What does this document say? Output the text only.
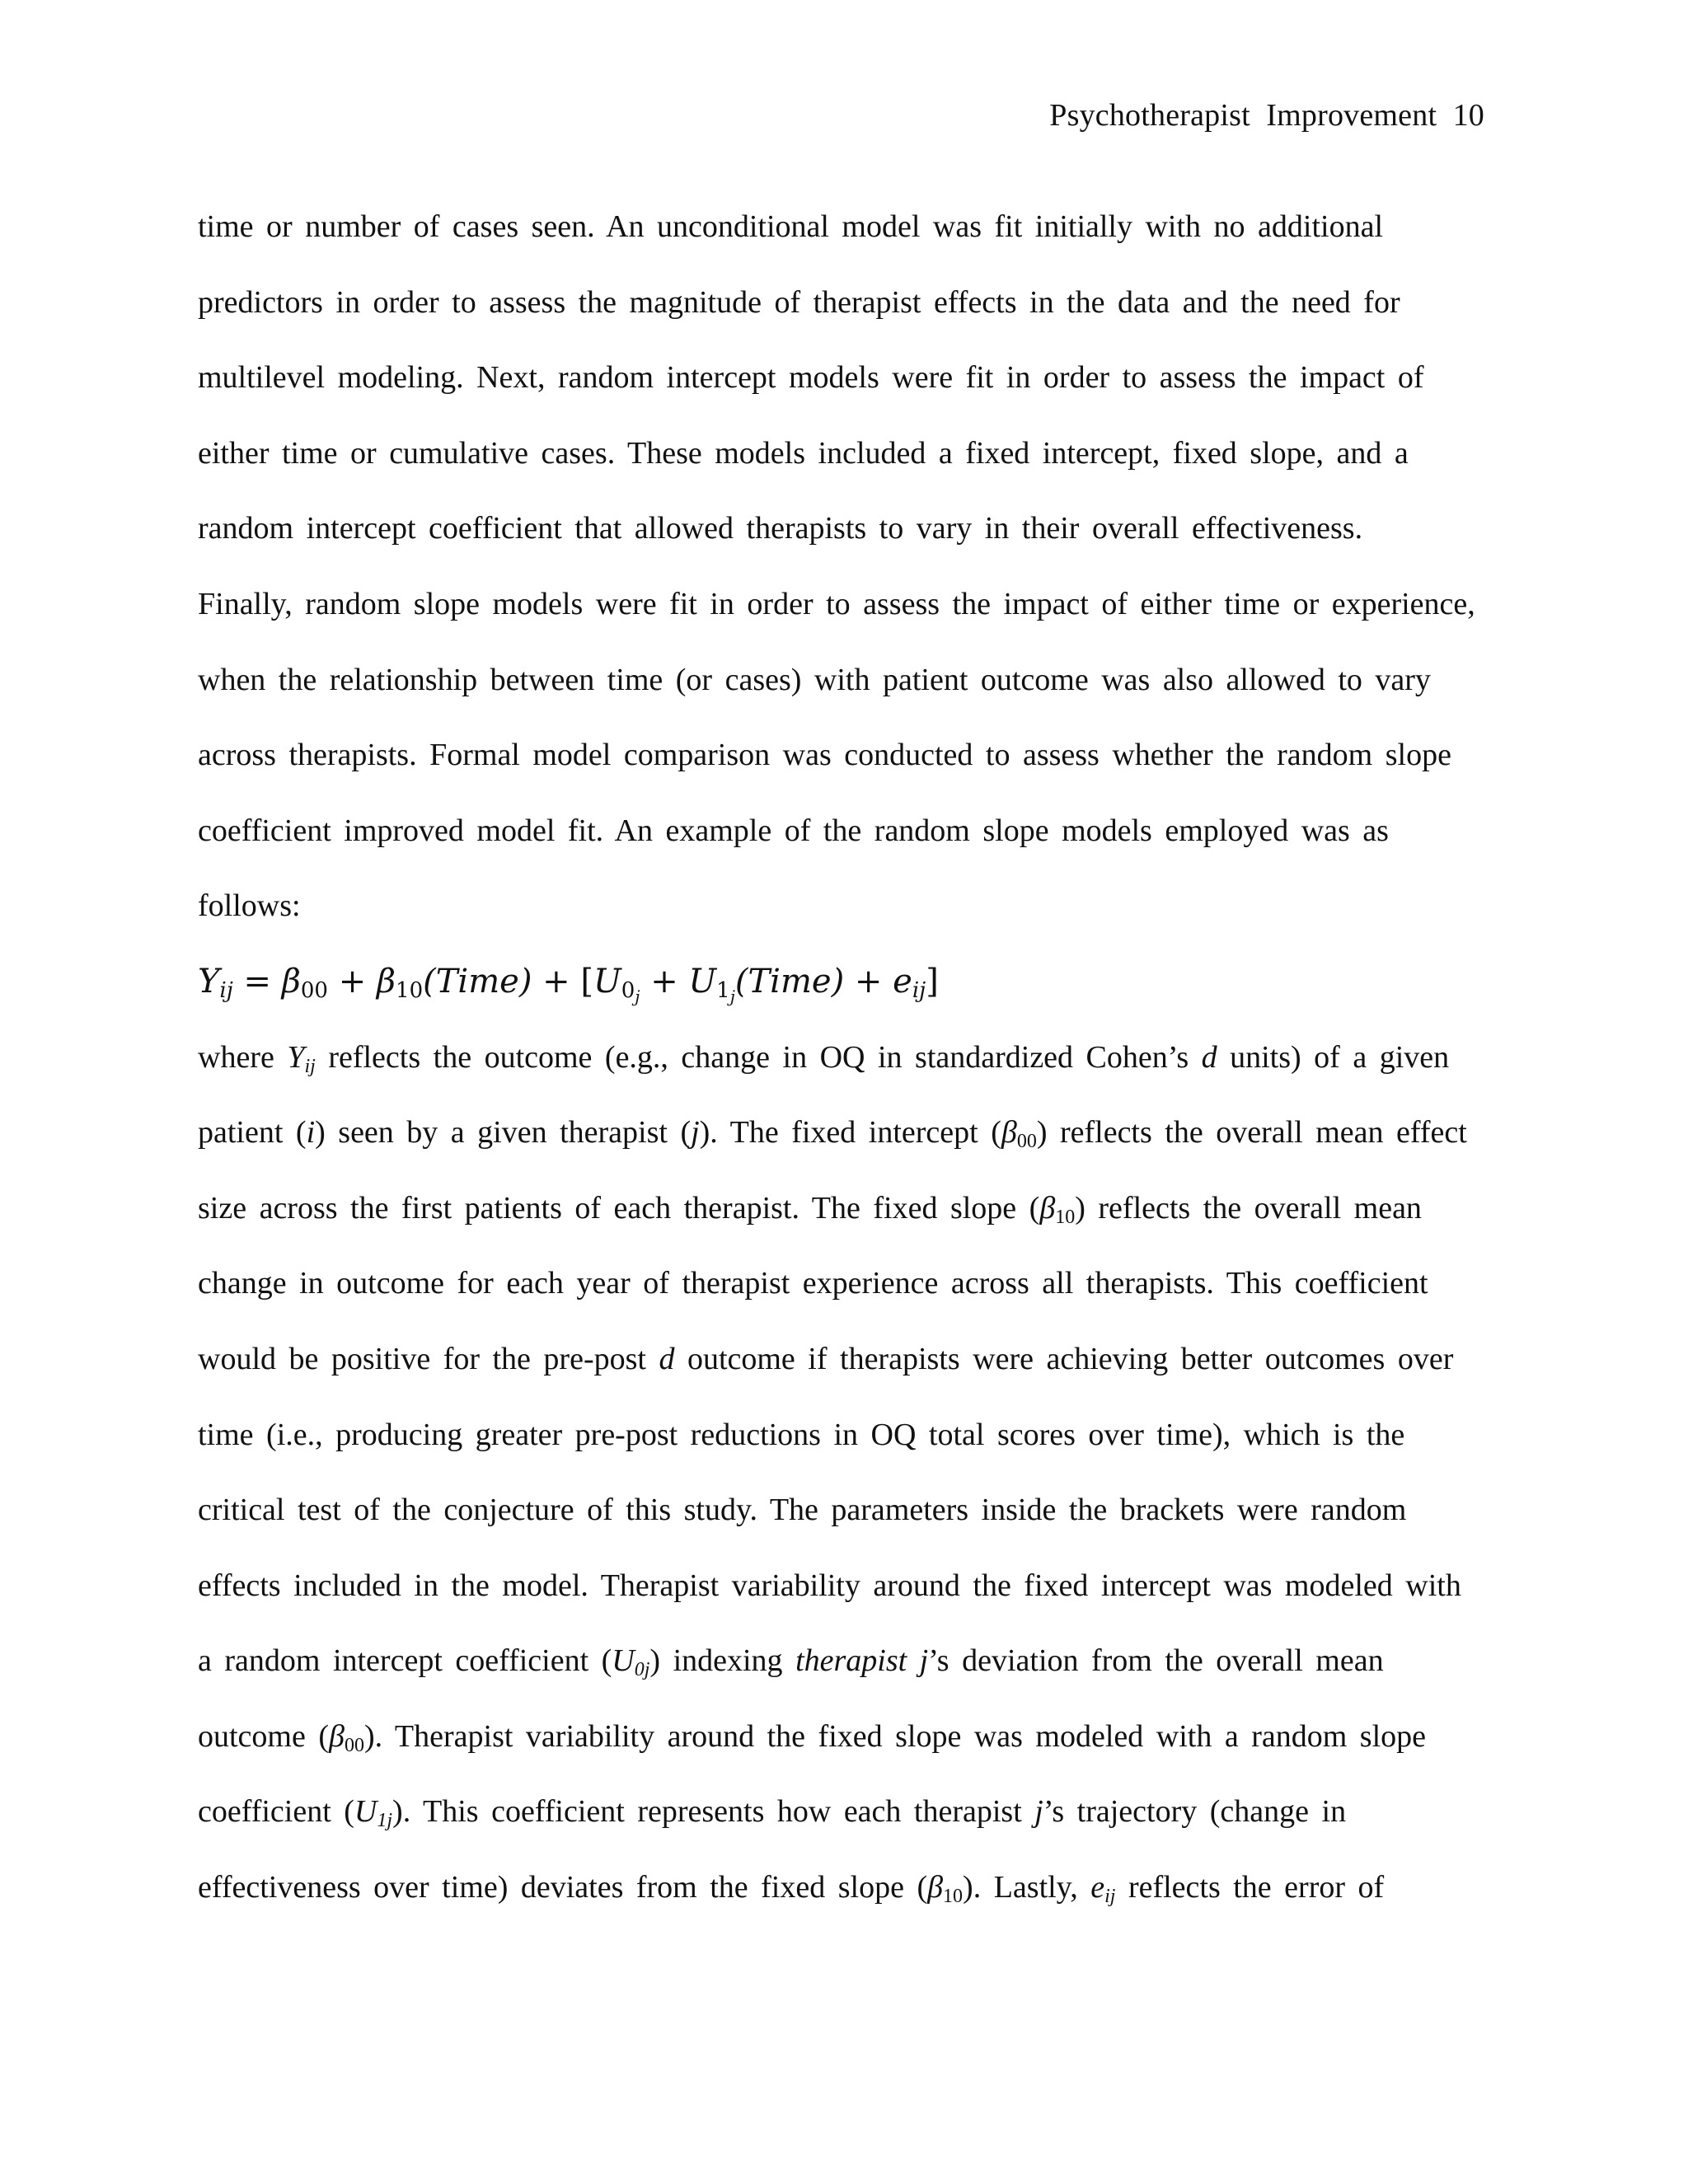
Psychotherapist  Improvement  10
time or number of cases seen. An unconditional model was fit initially with no additional
predictors in order to assess the magnitude of therapist effects in the data and the need for
multilevel modeling. Next, random intercept models were fit in order to assess the impact of
either time or cumulative cases. These models included a fixed intercept, fixed slope, and a
random intercept coefficient that allowed therapists to vary in their overall effectiveness.
Finally, random slope models were fit in order to assess the impact of either time or experience,
when the relationship between time (or cases) with patient outcome was also allowed to vary
across therapists. Formal model comparison was conducted to assess whether the random slope
coefficient improved model fit. An example of the random slope models employed was as
follows:
$Y_{ij} = \beta_{00}$ + $\beta_{10}(Time) + [U_{0_j}$ + $U_{1_j}(Time) + e_{ij}$]
where $Y_{ij}$ reflects the outcome (e.g., change in OQ in standardized Cohen’s d units) of a given
patient (i) seen by a given therapist (j). The fixed intercept $(\beta_{00})$ reflects the overall mean effect
size across the first patients of each therapist. The fixed slope $(\beta_{10})$ reflects the overall mean
change in outcome for each year of therapist experience across all therapists. This coefficient
would be positive for the pre-post d outcome if therapists were achieving better outcomes over
time (i.e., producing greater pre-post reductions in OQ total scores over time), which is the
critical test of the conjecture of this study. The parameters inside the brackets were random
effects included in the model. Therapist variability around the fixed intercept was modeled with
a random intercept coefficient $(U_{0j})$ indexing therapist j’s deviation from the overall mean
outcome $(\beta_{00})$. Therapist variability around the fixed slope was modeled with a random slope
coefficient $(U_{1j})$. This coefficient represents how each therapist j’s trajectory (change in
effectiveness over time) deviates from the fixed slope $(\beta_{10})$. Lastly, $e_{ij}$ reflects the error of
